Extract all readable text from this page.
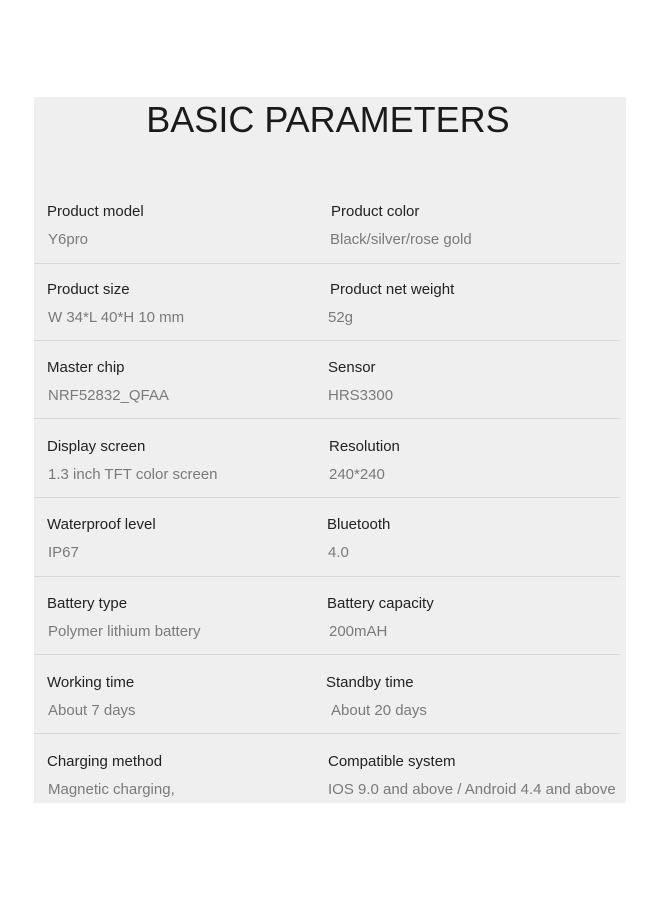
BASIC PARAMETERS
Product model
Y6pro
Product color
Black/silver/rose gold
Product size
W 34*L 40*H 10 mm
Product net weight
52g
Master chip
NRF52832_QFAA
Sensor
HRS3300
Display screen
1.3 inch TFT color screen
Resolution
240*240
Waterproof level
IP67
Bluetooth
4.0
Battery type
Polymer lithium battery
Battery capacity
200mAH
Working time
About 7 days
Standby time
About 20 days
Charging method
Magnetic charging,
Compatible system
IOS 9.0 and above / Android 4.4 and above
